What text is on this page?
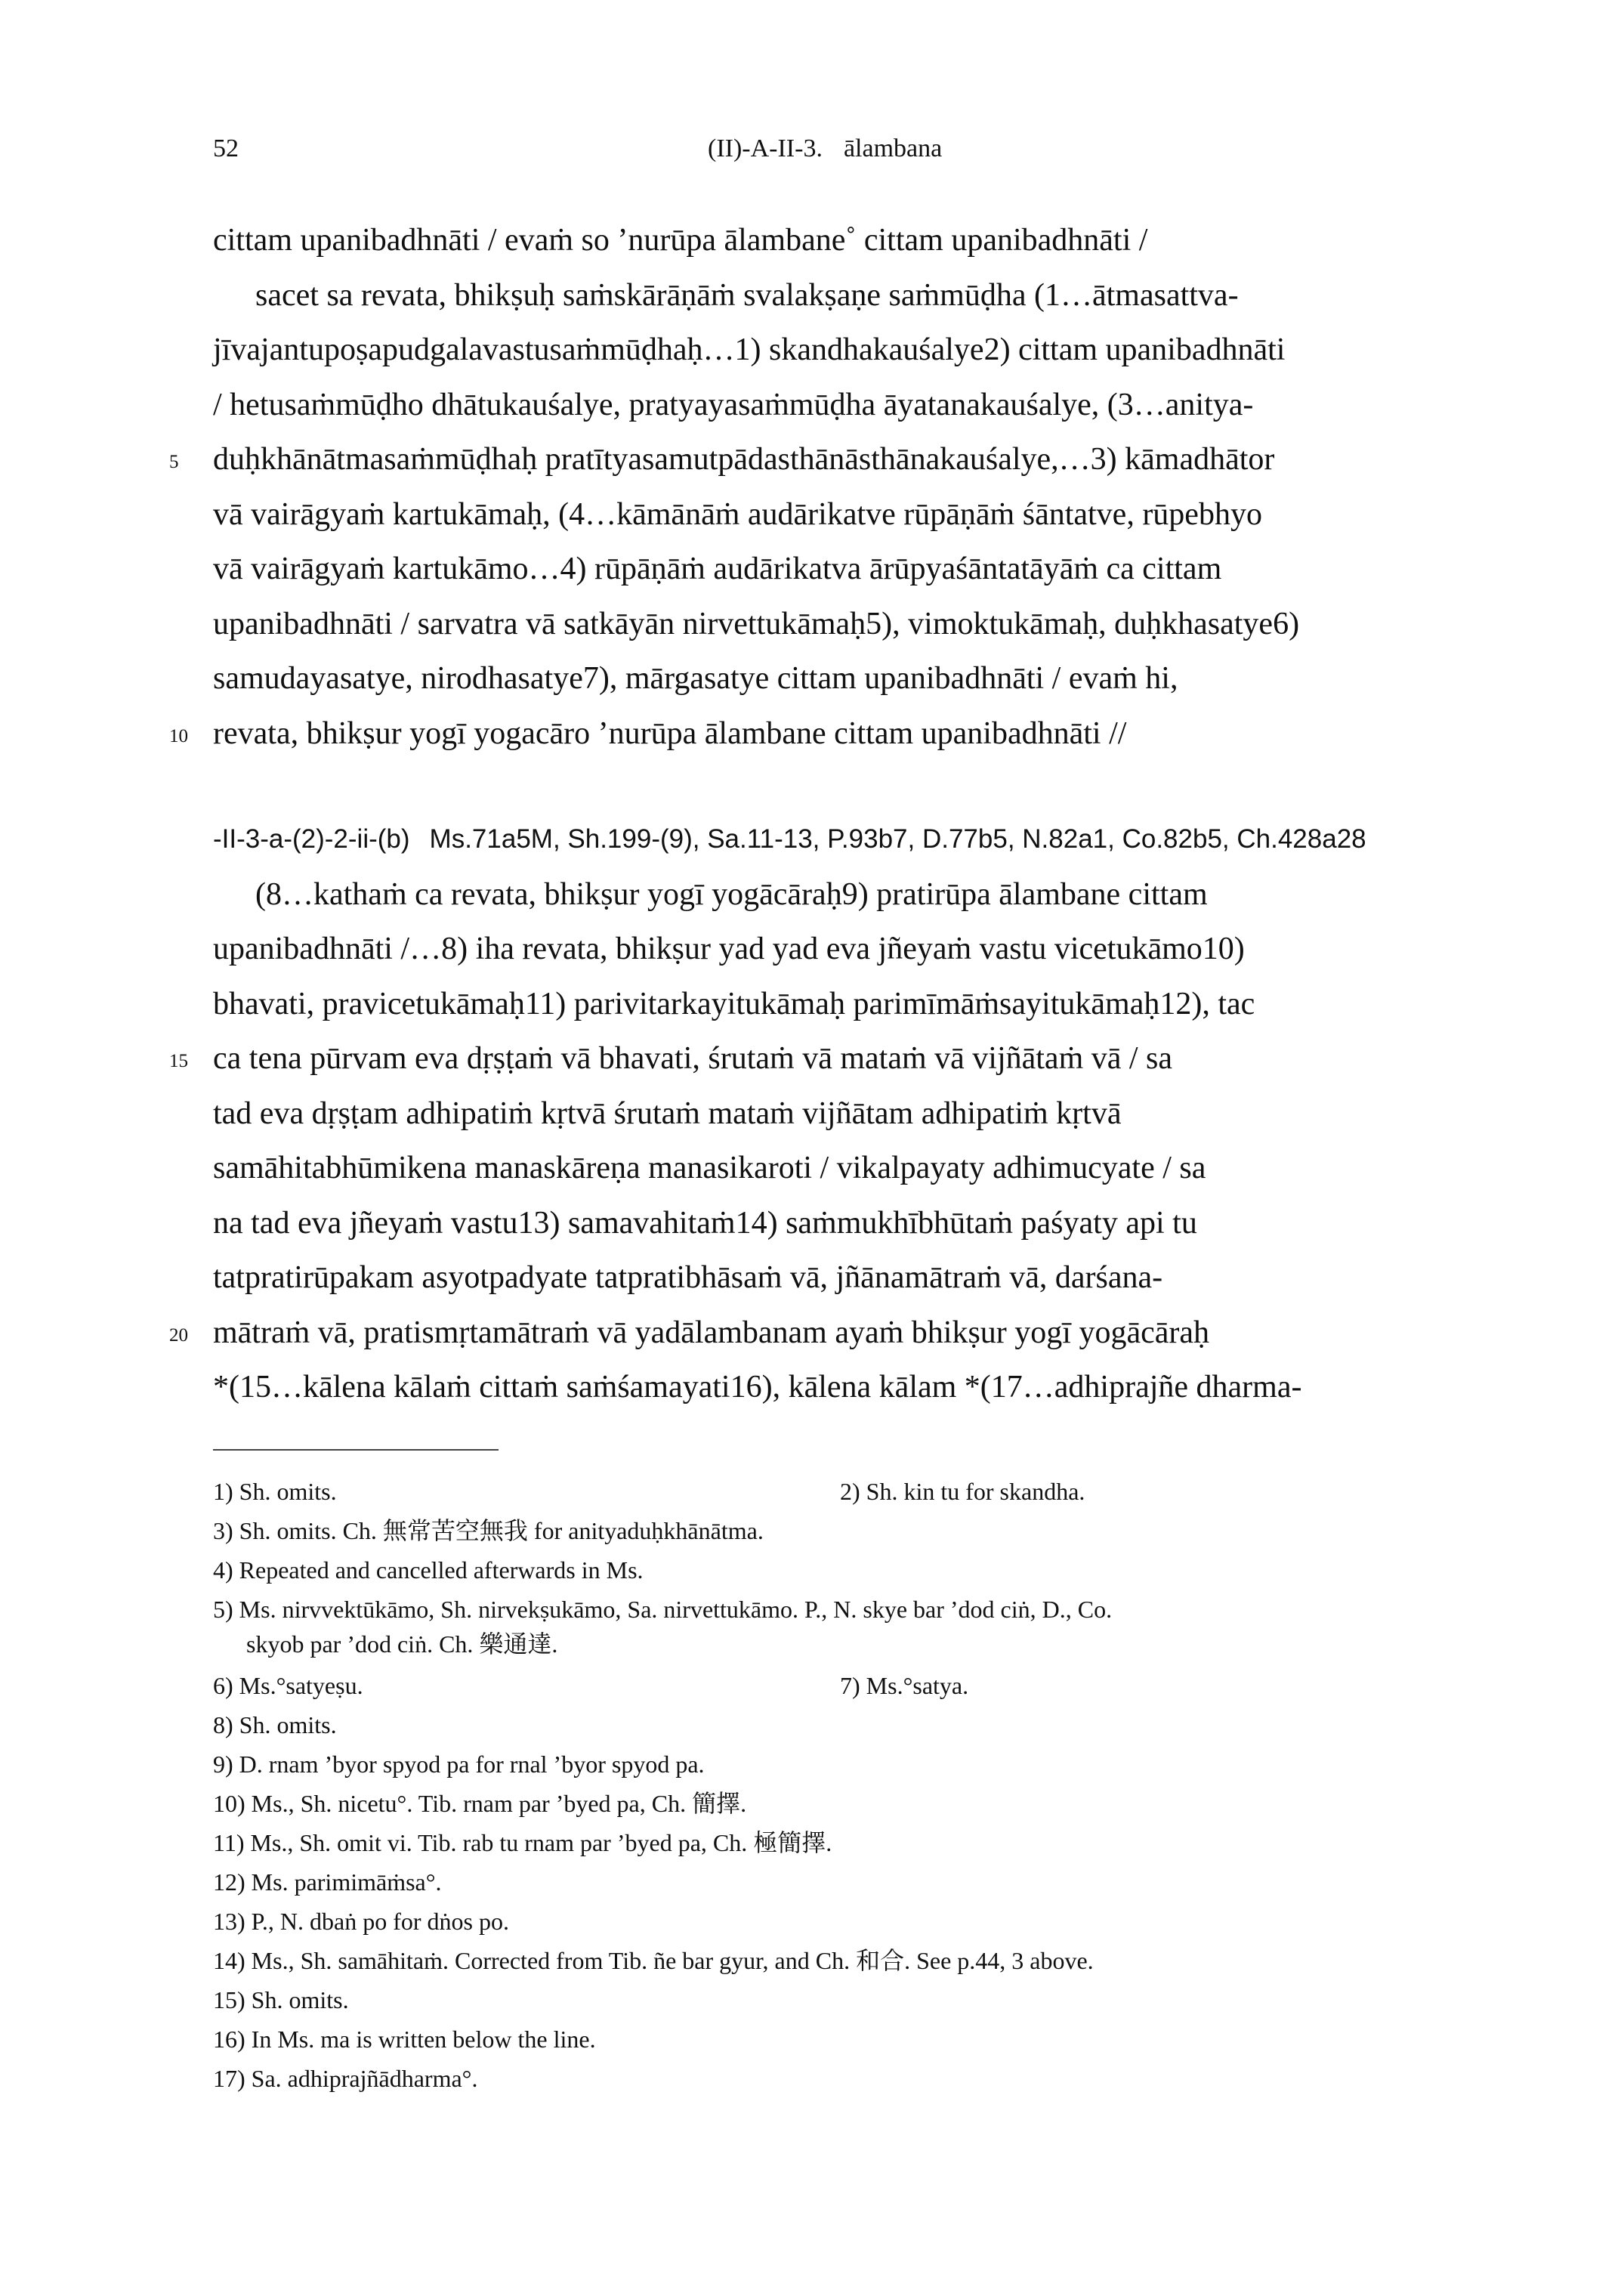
52	(II)-A-II-3. ālambana
cittam upanibadhnāti / evaṁ so ’nurūpa ālambane˚ cittam upanibadhnāti /
sacet sa revata, bhikṣuḥ saṁskārāṇāṁ svalakṣaṇe saṁmūḍha (1…ātmasattva-
jīvajantupoṣapudgalavastusaṁmūḍhaḥ…1) skandhakauśalye2) cittam upanibadhnāti
/ hetusaṁmūḍho dhātukauśalye, pratyayasaṁmūḍha āyatanakauśalye, (3…anitya-
5 duḥkhānātmasaṁmūḍhaḥ pratītyasamutpādasthānāsthānakauśalye,…3) kāmadhātor
vā vairāgyaṁ kartukāmaḥ, (4…kāmānāṁ audārikatve rūpāṇāṁ śāntatve, rūpebhyo
vā vairāgyaṁ kartukāmo…4) rūpāṇāṁ audārikatva ārūpyaśāntatāyāṁ ca cittam
upanibadhnāti / sarvatra vā satkāyān nirvettukāmaḥ5), vimoktukāmaḥ, duḥkhasatye6)
samudayasatye, nirodhasatye7), mārgasatye cittam upanibadhnāti / evaṁ hi,
10 revata, bhikṣur yogī yogacāro ’nurūpa ālambane cittam upanibadhnāti //
-II-3-a-(2)-2-ii-(b) Ms.71a5M, Sh.199-(9), Sa.11-13, P.93b7, D.77b5, N.82a1, Co.82b5, Ch.428a28
(8…kathaṁ ca revata, bhikṣur yogī yogācāraḥ9) pratirūpa ālambane cittam
upanibadhnāti /…8) iha revata, bhikṣur yad yad eva jñeyaṁ vastu vicetukāmo10)
bhavati, pravicetukāmaḥ11) parivitarkayitukāmaḥ parimīmāṁsayitukāmaḥ12), tac
15 ca tena pūrvam eva dṛṣṭaṁ vā bhavati, śrutaṁ vā mataṁ vā vijñātaṁ vā / sa
tad eva dṛṣṭam adhipatiṁ kṛtvā śrutaṁ mataṁ vijñātam adhipatiṁ kṛtvā
samāhitabhūmikena manaskāreṇa manasikaroti / vikalpayaty adhimucyate / sa
na tad eva jñeyaṁ vastu13) samavahitaṁ14) saṁmukhībhūtaṁ paśyaty api tu
tatpratirūpakam asyotpadyate tatpratibhāsaṁ vā, jñānamātraṁ vā, darśana-
20 mātraṁ vā, pratismṛtamātraṁ vā yadālambanam ayaṁ bhikṣur yogī yogācāraḥ
*(15…kālena kālaṁ cittaṁ saṁśamayati16), kālena kālam *(17…adhiprajñe dharma-
1) Sh. omits.	2) Sh. kin tu for skandha.
3) Sh. omits. Ch. 無常苦空無我 for anityaduḥkhānātma.
4) Repeated and cancelled afterwards in Ms.
5) Ms. nirvvektūkāmo, Sh. nirvekṣukāmo, Sa. nirvettukāmo. P., N. skye bar ’dod ciṅ, D., Co.
skyob par ’dod ciṅ. Ch. 樂通達.
6) Ms.°satyeṣu.	7) Ms.°satya.
8) Sh. omits.
9) D. rnam ’byor spyod pa for rnal ’byor spyod pa.
10) Ms., Sh. nicetu°. Tib. rnam par ’byed pa, Ch. 簡擇.
11) Ms., Sh. omit vi. Tib. rab tu rnam par ’byed pa, Ch. 極簡擇.
12) Ms. parimimāṁsa°.
13) P., N. dbaṅ po for dṅos po.
14) Ms., Sh. samāhitaṁ. Corrected from Tib. ñe bar gyur, and Ch. 和合. See p.44, 3 above.
15) Sh. omits.
16) In Ms. ma is written below the line.
17) Sa. adhiprajñādharma°.
